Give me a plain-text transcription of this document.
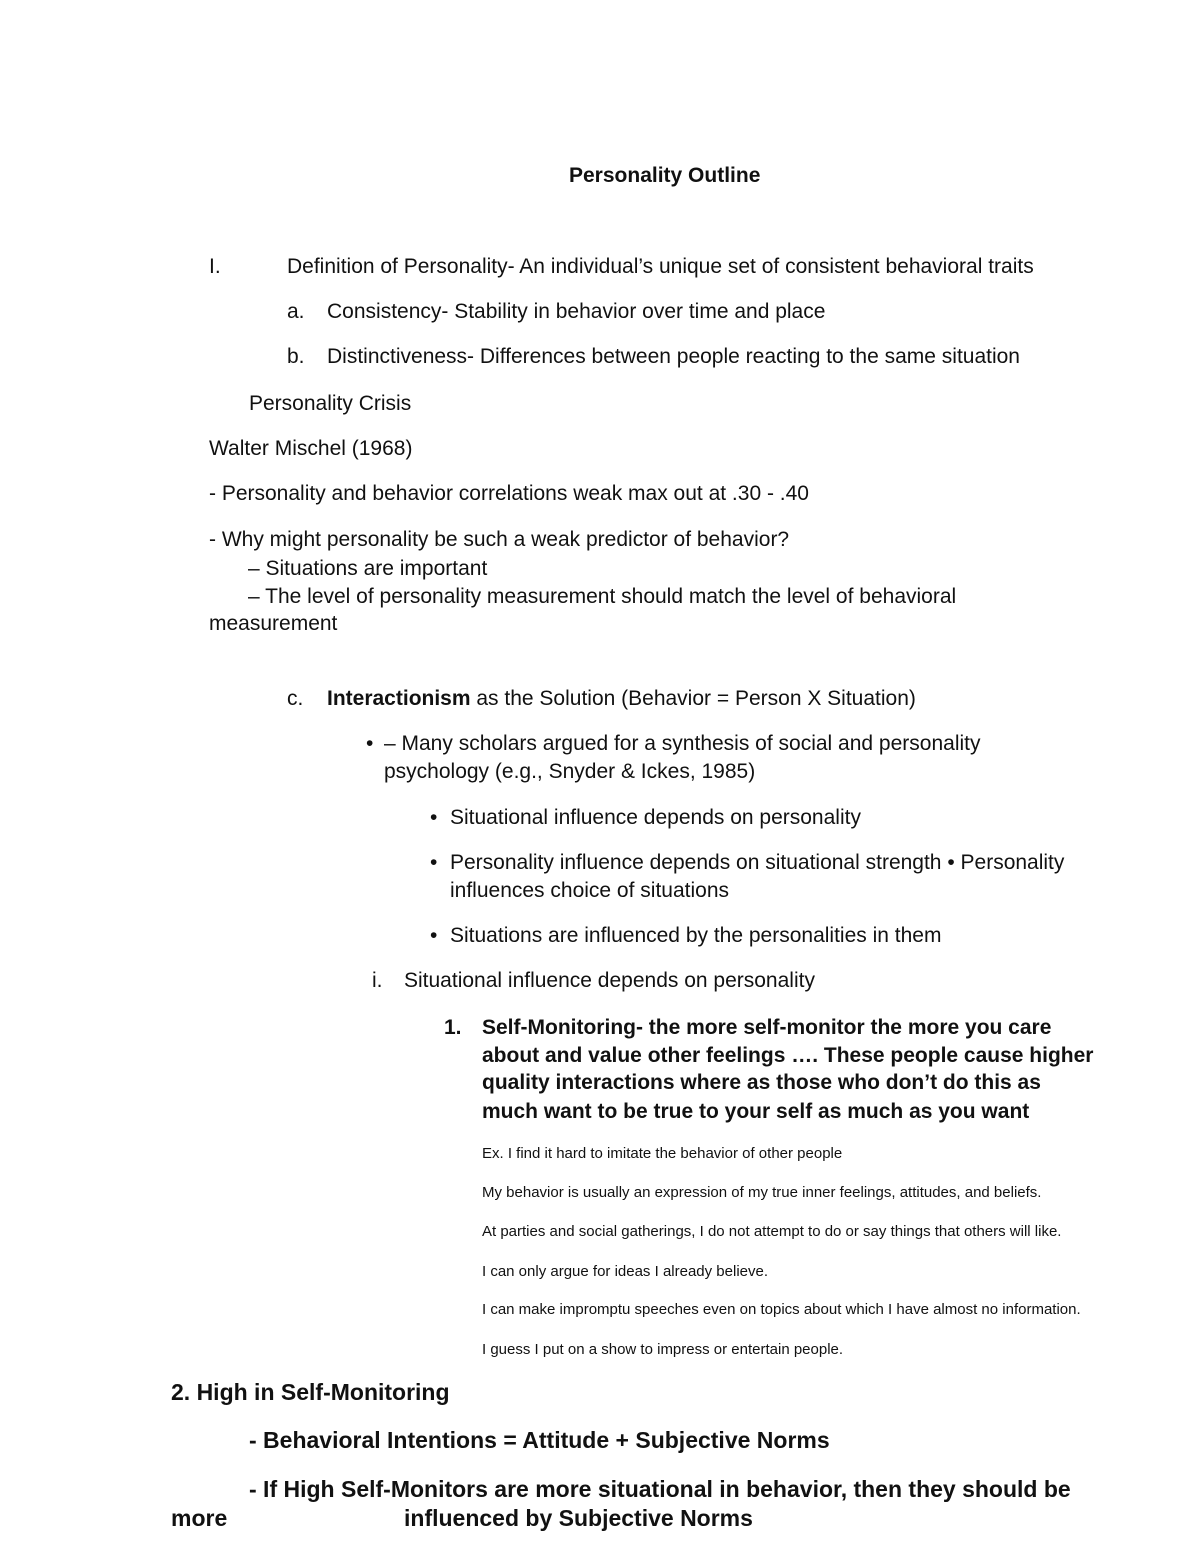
Personality Outline
I.	Definition of Personality- An individual’s unique set of consistent behavioral traits
a. Consistency- Stability in behavior over time and place
b. Distinctiveness- Differences between people reacting to the same situation
Personality Crisis
Walter Mischel (1968)
- Personality and behavior correlations weak max out at .30 - .40
- Why might personality be such a weak predictor of behavior?
– Situations are important
– The level of personality measurement should match the level of behavioral
measurement
c. Interactionism as the Solution (Behavior = Person X Situation)
• – Many scholars argued for a synthesis of social and personality
psychology (e.g., Snyder & Ickes, 1985)
• Situational influence depends on personality
• Personality influence depends on situational strength • Personality
influences choice of situations
• Situations are influenced by the personalities in them
i. Situational influence depends on personality
1. Self-Monitoring- the more self-monitor the more you care
about and value other feelings …. These people cause higher
quality interactions where as those who don’t do this as
much want to be true to your self as much as you want
Ex. I find it hard to imitate the behavior of other people
My behavior is usually an expression of my true inner feelings, attitudes, and beliefs.
At parties and social gatherings, I do not attempt to do or say things that others will like.
I can only argue for ideas I already believe.
I can make impromptu speeches even on topics about which I have almost no information.
I guess I put on a show to impress or entertain people.
2. High in Self-Monitoring
- Behavioral Intentions = Attitude + Subjective Norms
- If High Self-Monitors are more situational in behavior, then they should be
more	influenced by Subjective Norms
